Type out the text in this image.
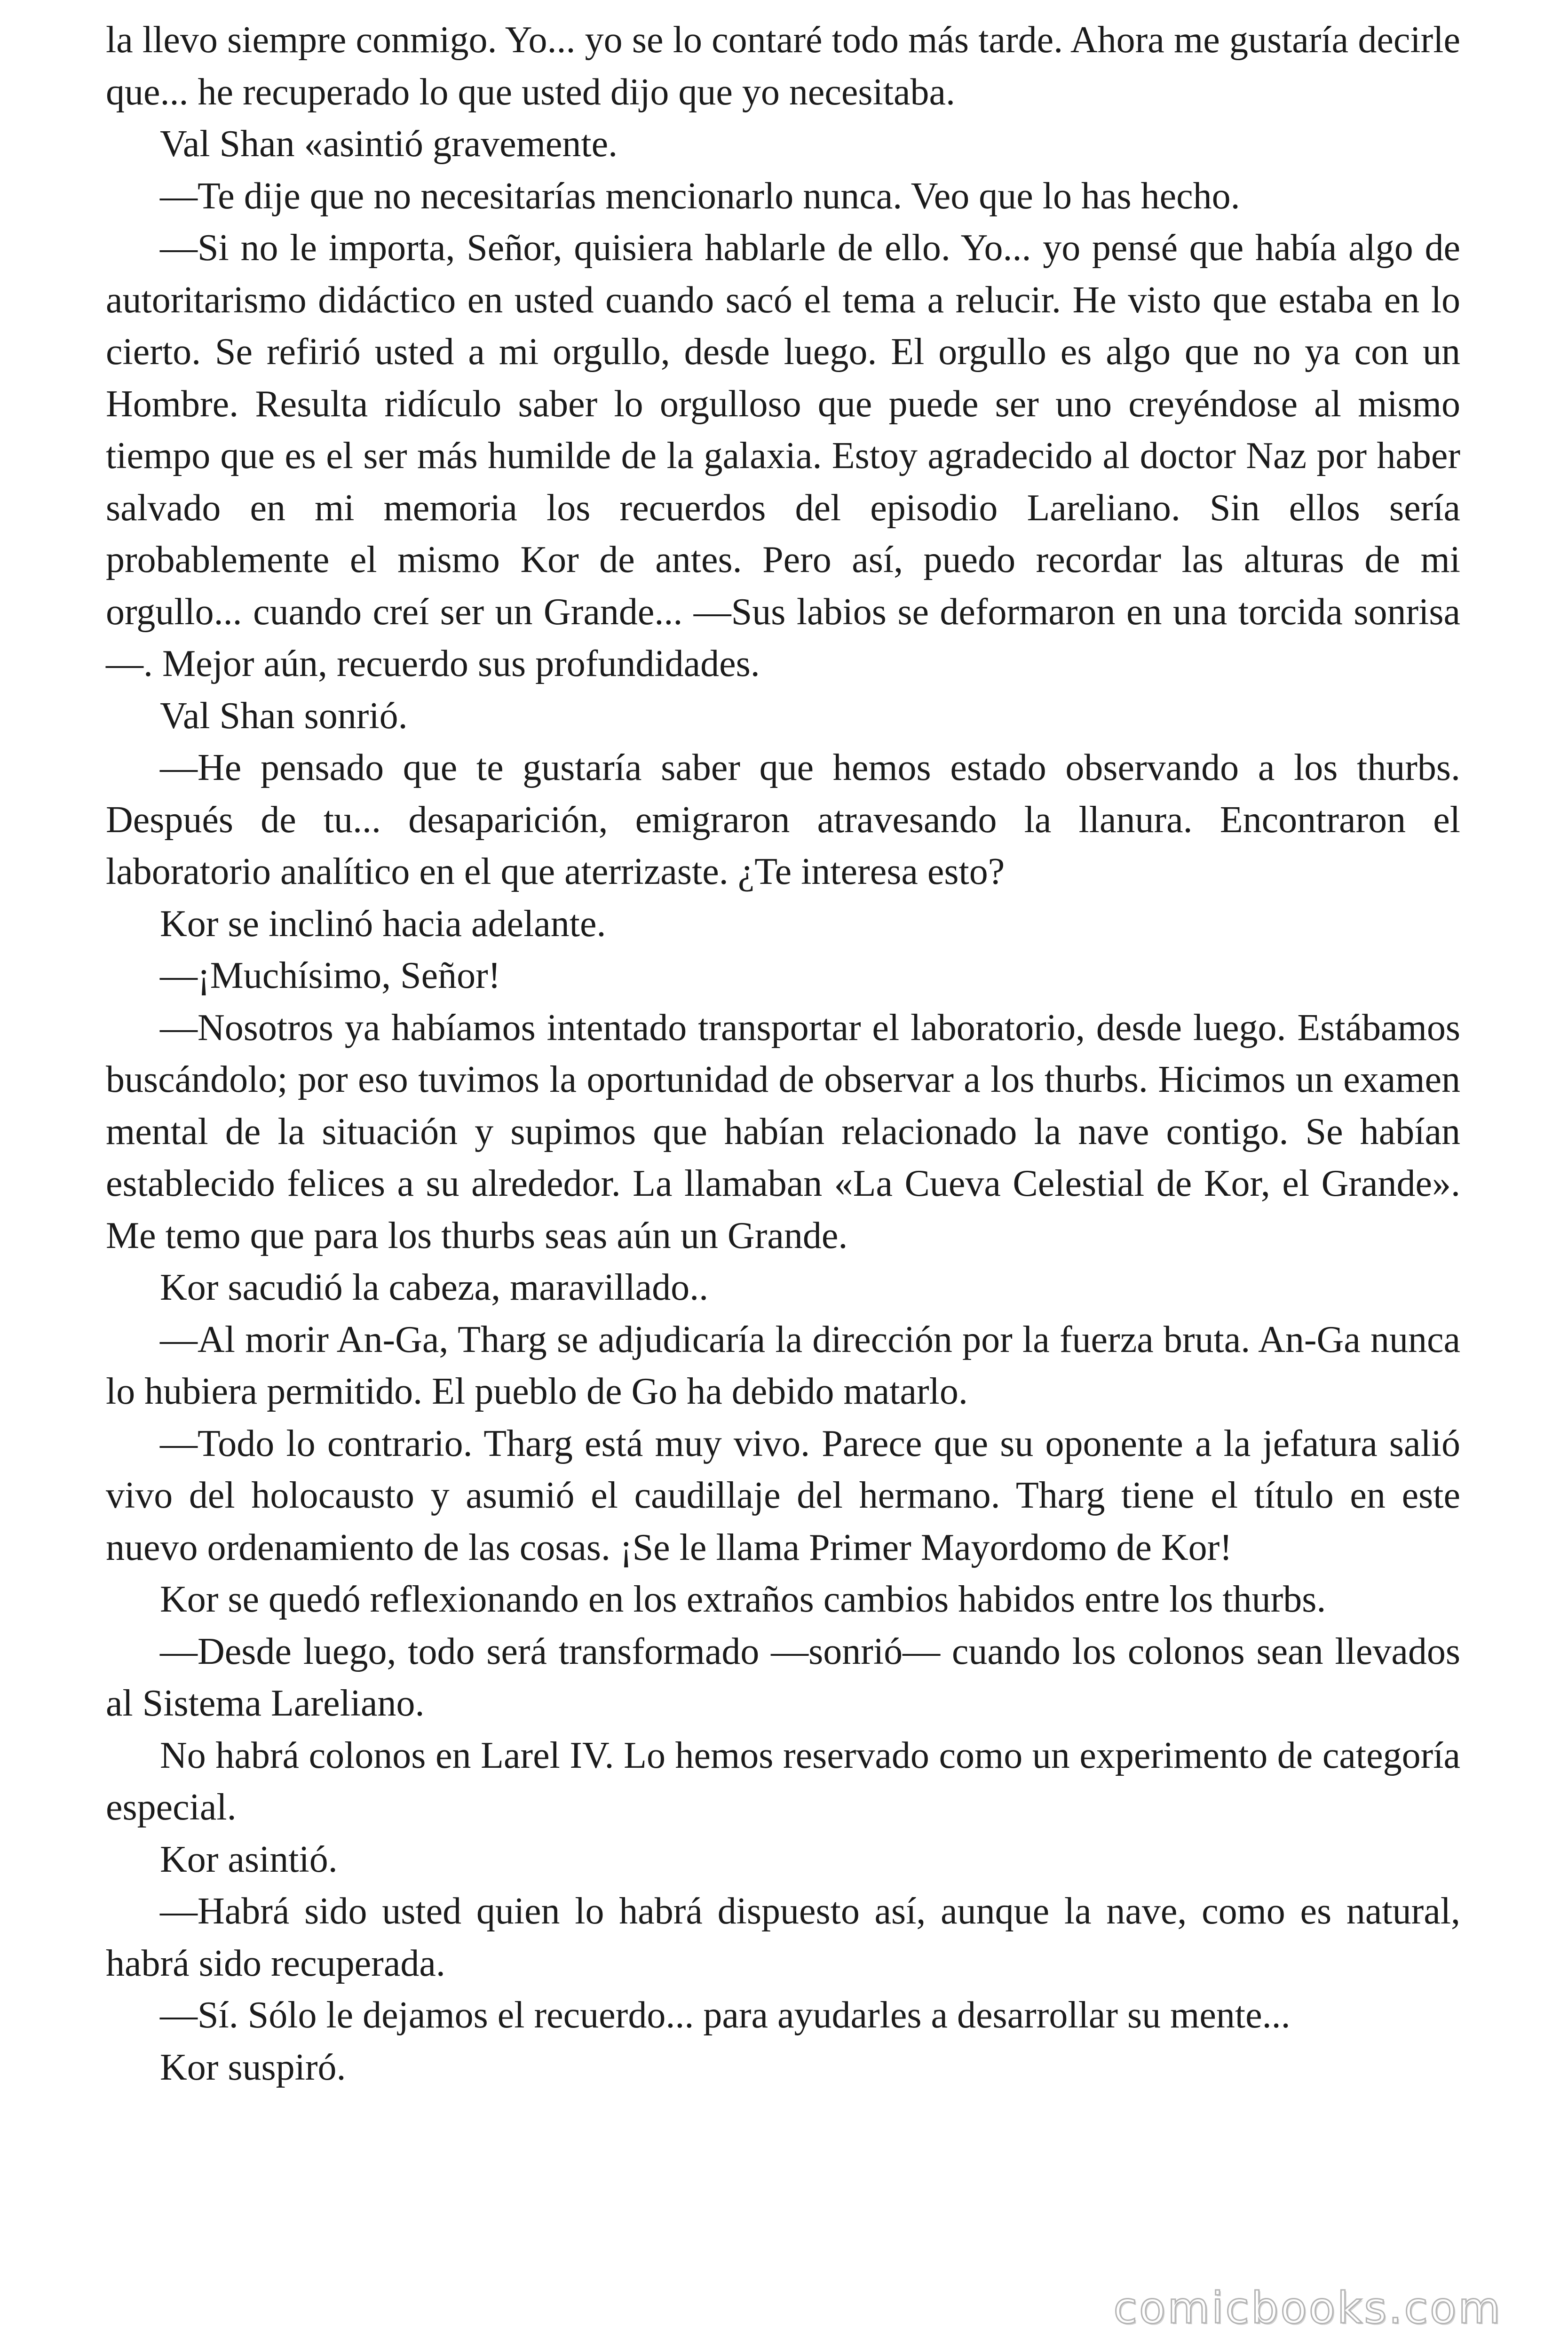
la llevo siempre conmigo. Yo... yo se lo contaré todo más tarde. Ahora me gustaría decirle que... he recuperado lo que usted dijo que yo necesitaba.

Val Shan «asintió gravemente.

—Te dije que no necesitarías mencionarlo nunca. Veo que lo has hecho.

—Si no le importa, Señor, quisiera hablarle de ello. Yo... yo pensé que había algo de autoritarismo didáctico en usted cuando sacó el tema a relucir. He visto que estaba en lo cierto. Se refirió usted a mi orgullo, desde luego. El orgullo es algo que no ya con un Hombre. Resulta ridículo saber lo orgulloso que puede ser uno creyéndose al mismo tiempo que es el ser más humilde de la galaxia. Estoy agradecido al doctor Naz por haber salvado en mi memoria los recuerdos del episodio Lareliano. Sin ellos sería probablemente el mismo Kor de antes. Pero así, puedo recordar las alturas de mi orgullo... cuando creí ser un Grande... —Sus labios se deformaron en una torcida sonrisa—. Mejor aún, recuerdo sus profundidades.

Val Shan sonrió.

—He pensado que te gustaría saber que hemos estado observando a los thurbs. Después de tu... desaparición, emigraron atravesando la llanura. Encontraron el laboratorio analítico en el que aterrizaste. ¿Te interesa esto?

Kor se inclinó hacia adelante.

—¡Muchísimo, Señor!

—Nosotros ya habíamos intentado transportar el laboratorio, desde luego. Estábamos buscándolo; por eso tuvimos la oportunidad de observar a los thurbs. Hicimos un examen mental de la situación y supimos que habían relacionado la nave contigo. Se habían establecido felices a su alrededor. La llamaban «La Cueva Celestial de Kor, el Grande». Me temo que para los thurbs seas aún un Grande.

Kor sacudió la cabeza, maravillado..

—Al morir An-Ga, Tharg se adjudicaría la dirección por la fuerza bruta. An-Ga nunca lo hubiera permitido. El pueblo de Go ha debido matarlo.

—Todo lo contrario. Tharg está muy vivo. Parece que su oponente a la jefatura salió vivo del holocausto y asumió el caudillaje del hermano. Tharg tiene el título en este nuevo ordenamiento de las cosas. ¡Se le llama Primer Mayordomo de Kor!

Kor se quedó reflexionando en los extraños cambios habidos entre los thurbs.

—Desde luego, todo será transformado —sonrió— cuando los colonos sean llevados al Sistema Lareliano.

No habrá colonos en Larel IV. Lo hemos reservado como un experimento de categoría especial.

Kor asintió.

—Habrá sido usted quien lo habrá dispuesto así, aunque la nave, como es natural, habrá sido recuperada.

—Sí. Sólo le dejamos el recuerdo... para ayudarles a desarrollar su mente...

Kor suspiró.

comicbooks.com
